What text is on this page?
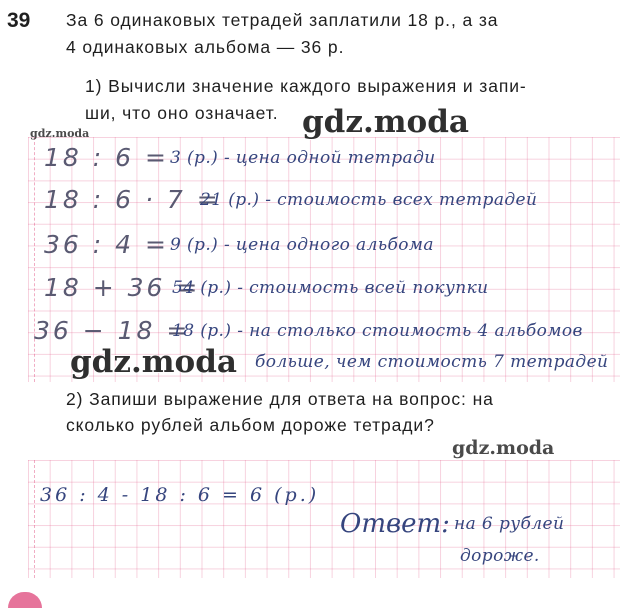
39 За 6 одинаковых тетрадей заплатили 18 р., а за
4 одинаковых альбома — 36 р.
1) Вычисли значение каждого выражения и запи-
ши, что оно означает.
18 : 6 = 3 (р.) - цена одной тетради
18 : 6 · 7 =
21 (р.) - стоимость всех тетрадей
36 : 4 = 9 (р.) - цена одного альбома
18 + 36 =
54 (р.) - стоимость всей покупки
36 − 18 =
18 (р.) - на столько стоимость 4 альбомов
больше, чем стоимость 7 тетрадей
2) Запиши выражение для ответа на вопрос: на
сколько рублей альбом дороже тетради?
36 : 4 - 18 : 6 = 6 (р.)
Ответ: на 6 рублей
дороже.
gdz.moda	gdz.moda
gdz.moda
gdz.moda
